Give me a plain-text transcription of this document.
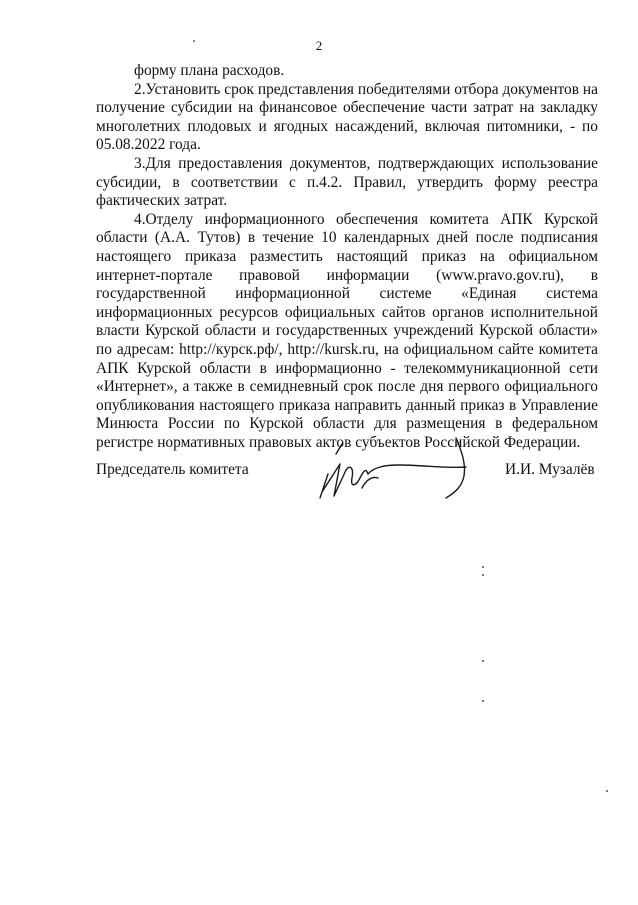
2

форму плана расходов.

2.Установить срок представления победителями отбора документов на получение субсидии на финансовое обеспечение части затрат на закладку многолетних плодовых и ягодных насаждений, включая питомники, - по 05.08.2022 года.

3.Для предоставления документов, подтверждающих использование субсидии, в соответствии с п.4.2. Правил, утвердить форму реестра фактических затрат.

4.Отделу информационного обеспечения комитета АПК Курской области (А.А. Тутов) в течение 10 календарных дней после подписания настоящего приказа разместить настоящий приказ на официальном интернет-портале правовой информации (www.pravo.gov.ru), в государственной информационной системе «Единая система информационных ресурсов официальных сайтов органов исполнительной власти Курской области и государственных учреждений Курской области» по адресам: http://курск.рф/, http://kursk.ru, на официальном сайте комитета АПК Курской области в информационно - телекоммуникационной сети «Интернет», а также в семидневный срок после дня первого официального опубликования настоящего приказа направить данный приказ в Управление Минюста России по Курской области для размещения в федеральном регистре нормативных правовых актов субъектов Российской Федерации.

Председатель комитета	И.И. Музалёв
